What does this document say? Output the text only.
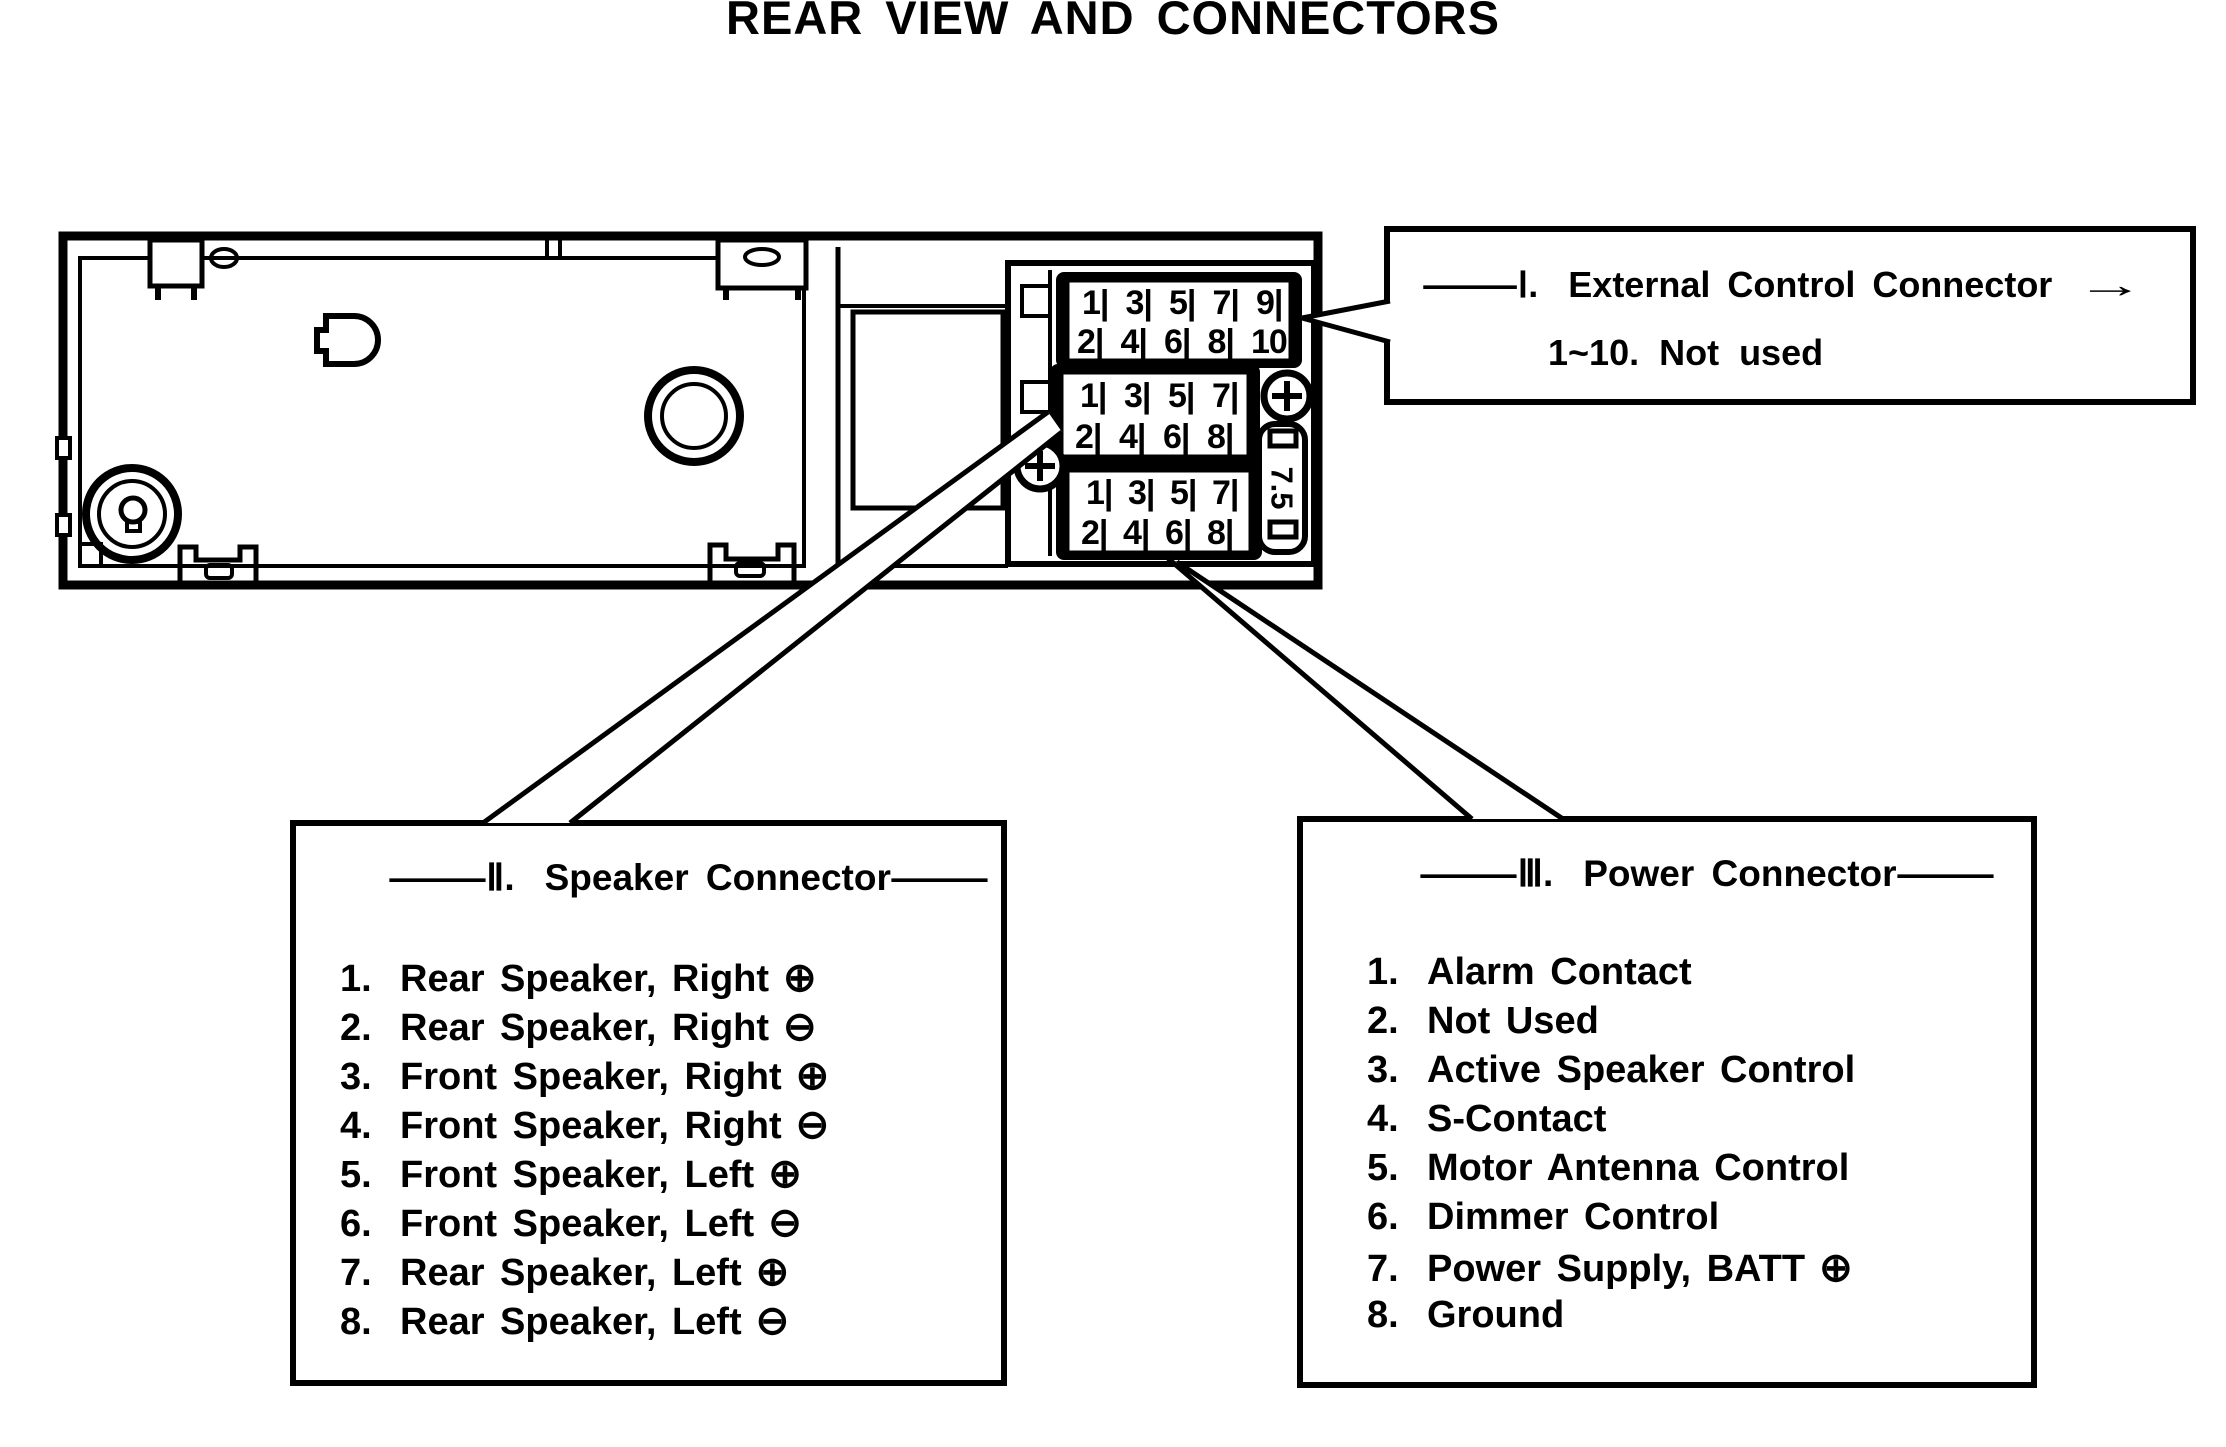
REAR VIEW AND CONNECTORS
1| 3| 5| 7| 9|
2| 4| 6| 8| 10|
1| 3| 5| 7|
2| 4| 6| 8|
1| 3| 5| 7|
2| 4| 6| 8|
7.5
— Ⅰ. External Control Connector →
1~10. Not used
— Ⅱ. Speaker Connector —
1. Rear Speaker, Right ⊕
2. Rear Speaker, Right ⊖
3. Front Speaker, Right ⊕
4. Front Speaker, Right ⊖
5. Front Speaker, Left ⊕
6. Front Speaker, Left ⊖
7. Rear Speaker, Left ⊕
8. Rear Speaker, Left ⊖
— Ⅲ. Power Connector —
1. Alarm Contact
2. Not Used
3. Active Speaker Control
4. S-Contact
5. Motor Antenna Control
6. Dimmer Control
7. Power Supply, BATT ⊕
8. Ground
